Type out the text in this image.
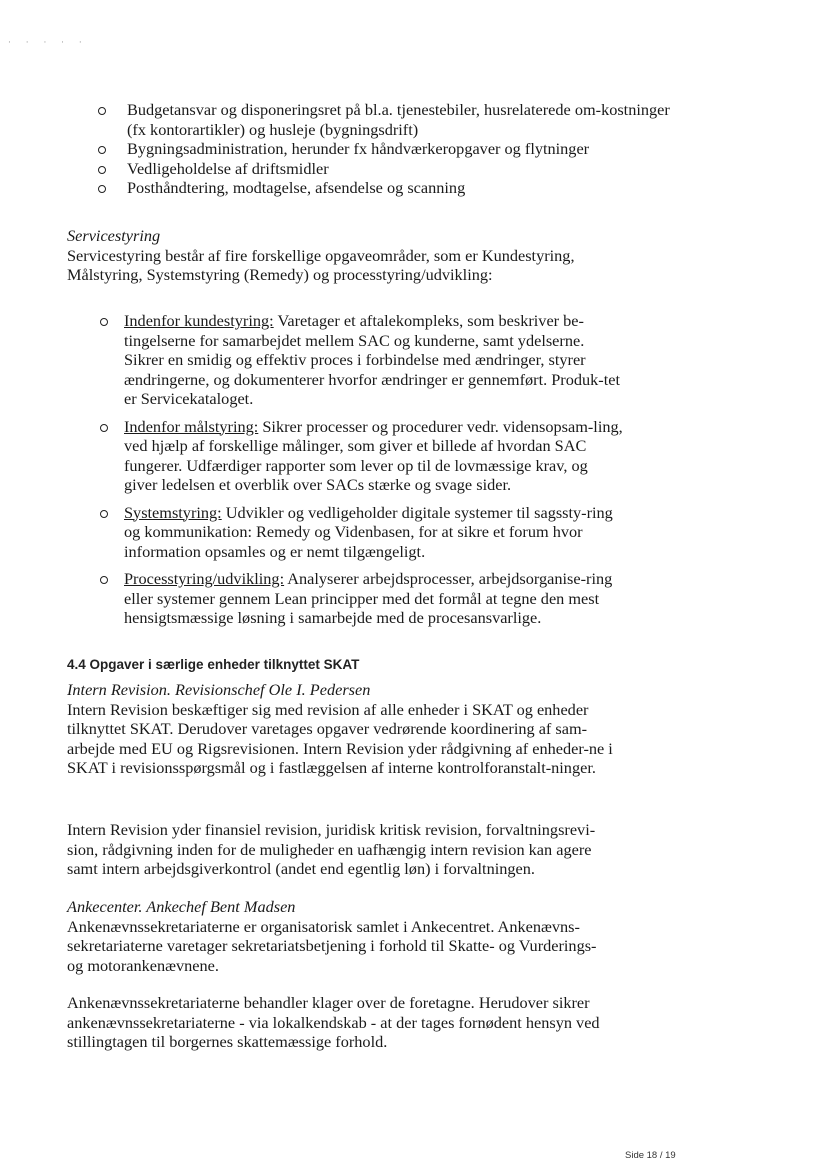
· · · · ·
Budgetansvar og disponeringsret på bl.a. tjenestebiler, husrelaterede om-kostninger (fx kontorartikler) og husleje (bygningsdrift)
Bygningsadministration, herunder fx håndværkeropgaver og flytninger
Vedligeholdelse af driftsmidler
Posthåndtering, modtagelse, afsendelse og scanning
Servicestyring
Servicestyring består af fire forskellige opgaveområder, som er Kundestyring, Målstyring, Systemstyring (Remedy) og processtyring/udvikling:
Indenfor kundestyring: Varetager et aftalekompleks, som beskriver be-tingelserne for samarbejdet mellem SAC og kunderne, samt ydelserne. Sikrer en smidig og effektiv proces i forbindelse med ændringer, styrer ændringerne, og dokumenterer hvorfor ændringer er gennemført. Produk-tet er Servicekataloget.
Indenfor målstyring: Sikrer processer og procedurer vedr. vidensopsam-ling, ved hjælp af forskellige målinger, som giver et billede af hvordan SAC fungerer. Udfærdiger rapporter som lever op til de lovmæssige krav, og giver ledelsen et overblik over SACs stærke og svage sider.
Systemstyring: Udvikler og vedligeholder digitale systemer til sagssty-ring og kommunikation: Remedy og Videnbasen, for at sikre et forum hvor information opsamles og er nemt tilgængeligt.
Processtyring/udvikling: Analyserer arbejdsprocesser, arbejdsorganise-ring eller systemer gennem Lean principper med det formål at tegne den mest hensigtsmæssige løsning i samarbejde med de procesansvarlige.
4.4 Opgaver i særlige enheder tilknyttet SKAT
Intern Revision. Revisionschef Ole I. Pedersen
Intern Revision beskæftiger sig med revision af alle enheder i SKAT og enheder tilknyttet SKAT. Derudover varetages opgaver vedrørende koordinering af sam-arbejde med EU og Rigsrevisionen. Intern Revision yder rådgivning af enheder-ne i SKAT i revisionsspørgsmål og i fastlæggelsen af interne kontrolforanstalt-ninger.
Intern Revision yder finansiel revision, juridisk kritisk revision, forvaltningsrevi-sion, rådgivning inden for de muligheder en uafhængig intern revision kan agere samt intern arbejdsgiverkontrol (andet end egentlig løn) i forvaltningen.
Ankecenter. Ankechef Bent Madsen
Ankenævnssekretariaterne er organisatorisk samlet i Ankecentret. Ankenævns-sekretariaterne varetager sekretariatsbetjening i forhold til Skatte- og Vurderings- og motorankenævnene.
Ankenævnssekretariaterne behandler klager over de foretagne. Herudover sikrer ankenævnssekretariaterne - via lokalkendskab - at der tages fornødent hensyn ved stillingtagen til borgernes skattemæssige forhold.
Side 18 / 19
